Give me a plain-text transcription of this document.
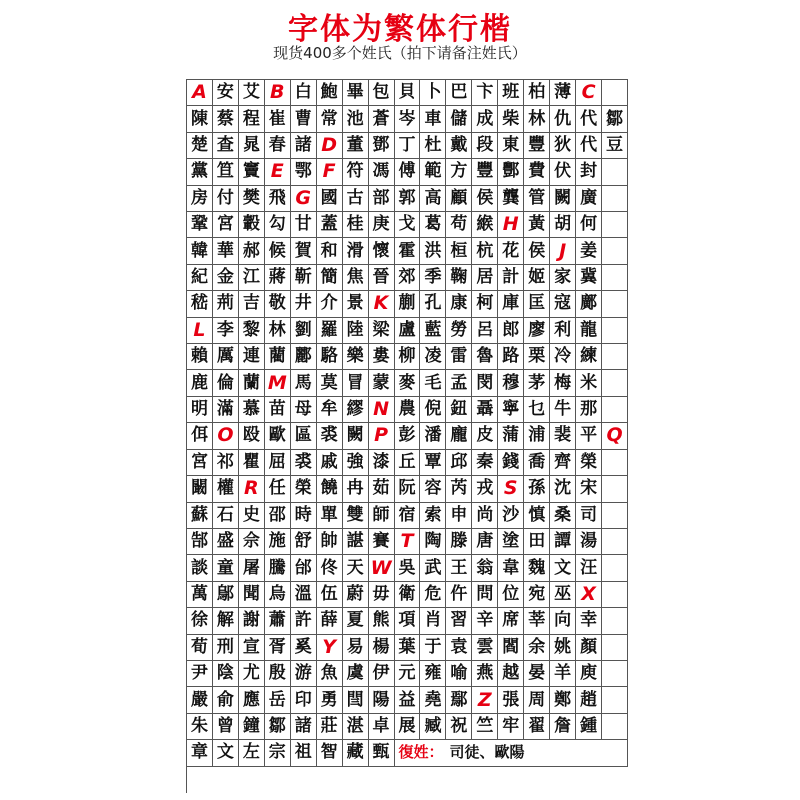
字体为繁体行楷
现货400多个姓氏（拍下请备注姓氏）
A 安 艾 B 白 鮑 畢 包 貝 卜 巴 卞 班 柏 薄 C
陳 蔡 程 崔 曹 常 池 蒼 岑 車 儲 成 柴 林 仇 代 鄒
楚 查 晁 春 諸 D 董 鄧 丁 杜 戴 段 東 豐 狄 代 豆
黨 笪 竇 E 鄂 F 符 馮 傅 範 方 豐 酆 費 伏 封
房 付 樊 飛 G 國 古 部 郭 高 顧 侯 龔 管 闕 廣
鞏 宮 轂 勾 甘 蓋 桂 庚 戈 葛 苟 緱 H 黃 胡 何
韓 華 郝 候 賀 和 滑 懷 霍 洪 桓 杭 花 侯 J 姜
紀 金 江 蔣 靳 簡 焦 晉 郊 季 鞠 居 計 姬 家 冀
嵇 荊 吉 敬 井 介 景 K 蒯 孔 康 柯 庫 匡 寇 鄺
L 李 黎 林 劉 羅 陸 梁 盧 藍 勞 呂 郎 廖 利 龍
賴 厲 連 藺 酈 駱 樂 婁 柳 凌 雷 魯 路 栗 冷 練
鹿 倫 蘭 M 馬 莫 冒 蒙 麥 毛 孟 閔 穆 茅 梅 米
明 滿 慕 苗 母 牟 繆 N 農 倪 鈕 聶 寧 乜 牛 那
佴 O 殴 歐 區 裘 闕 P 彭 潘 龐 皮 蒲 浦 裴 平 Q
宮 祁 瞿 屈 裘 戚 強 漆 丘 覃 邱 秦 錢 喬 齊 榮
闞 權 R 任 榮 饒 冉 茹 阮 容 芮 戎 S 孫 沈 宋
蘇 石 史 邵 時 單 雙 師 宿 索 申 尚 沙 慎 桑 司
郜 盛 佘 施 舒 帥 諶 賽 T 陶 滕 唐 塗 田 譚 湯
談 童 屠 騰 邰 佟 天 W 吳 武 王 翁 韋 魏 文 汪
萬 鄔 聞 烏 溫 伍 蔚 毋 衛 危 仵 問 位 宛 巫 X
徐 解 謝 蕭 許 薛 夏 熊 項 肖 習 辛 席 莘 向 幸
荀 刑 宣 胥 奚 Y 易 楊 葉 于 袁 雲 閻 余 姚 顏
尹 陰 尤 殷 游 魚 虞 伊 元 雍 喻 燕 越 晏 羊 庾
嚴 俞 應 岳 印 勇 閆 陽 益 堯 鄢 Z 張 周 鄭 趙
朱 曾 鐘 鄒 諸 莊 湛 卓 展 臧 祝 竺 牢 翟 詹 鍾
章 文 左 宗 祖 智 藏 甄 復姓： 司徒、歐陽
